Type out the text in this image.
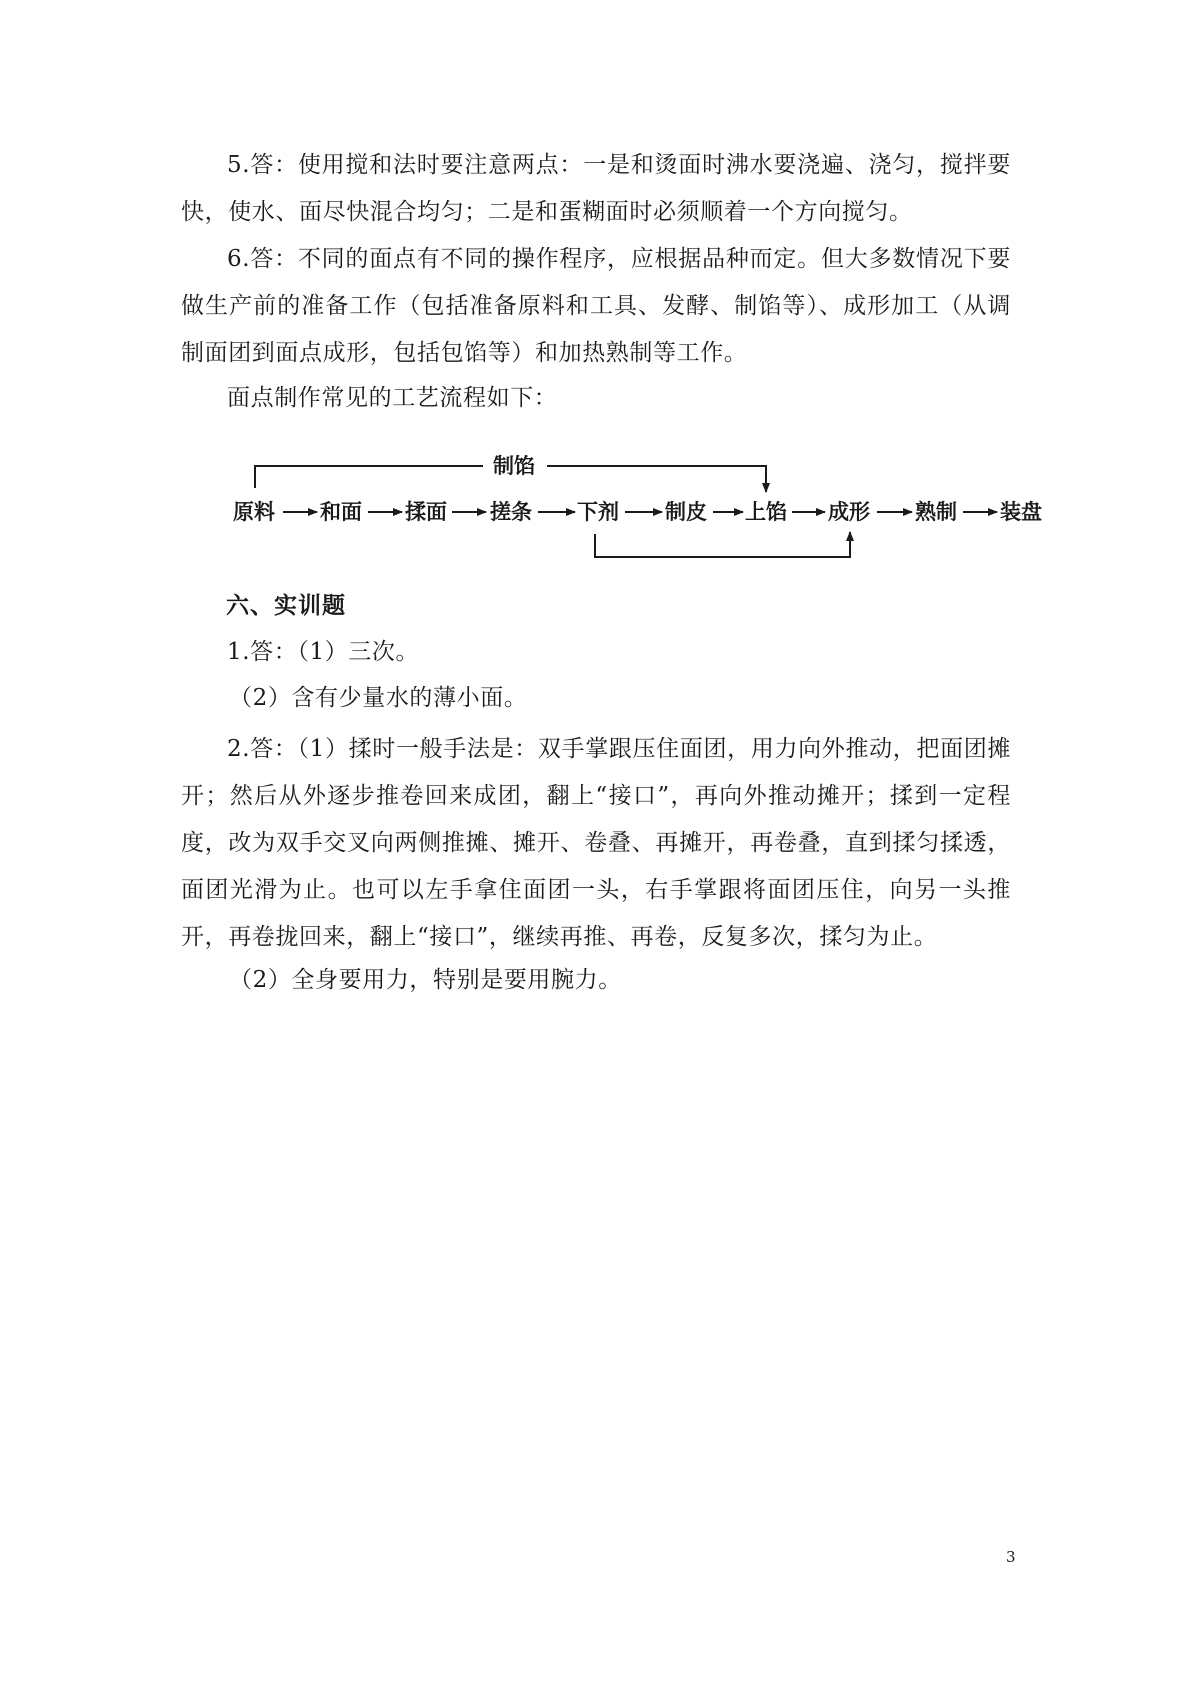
5.答：使用搅和法时要注意两点：一是和烫面时沸水要浇遍、浇匀，搅拌要快，使水、面尽快混合均匀；二是和蛋糊面时必须顺着一个方向搅匀。

6.答：不同的面点有不同的操作程序，应根据品种而定。但大多数情况下要做生产前的准备工作（包括准备原料和工具、发酵、制馅等）、成形加工（从调制面团到面点成形，包括包馅等）和加热熟制等工作。

面点制作常见的工艺流程如下：
制馅
原料 和面 揉面 搓条 下剂 制皮 上馅 成形 熟制 装盘
六、实训题
1.答：（1）三次。
（2）含有少量水的薄小面。

2.答：（1）揉时一般手法是：双手掌跟压住面团，用力向外推动，把面团摊开；然后从外逐步推卷回来成团，翻上“接口”，再向外推动摊开；揉到一定程度，改为双手交叉向两侧推摊、摊开、卷叠、再摊开，再卷叠，直到揉匀揉透，面团光滑为止。也可以左手拿住面团一头，右手掌跟将面团压住，向另一头推开，再卷拢回来，翻上“接口”，继续再推、再卷，反复多次，揉匀为止。

（2）全身要用力，特别是要用腕力。
3
